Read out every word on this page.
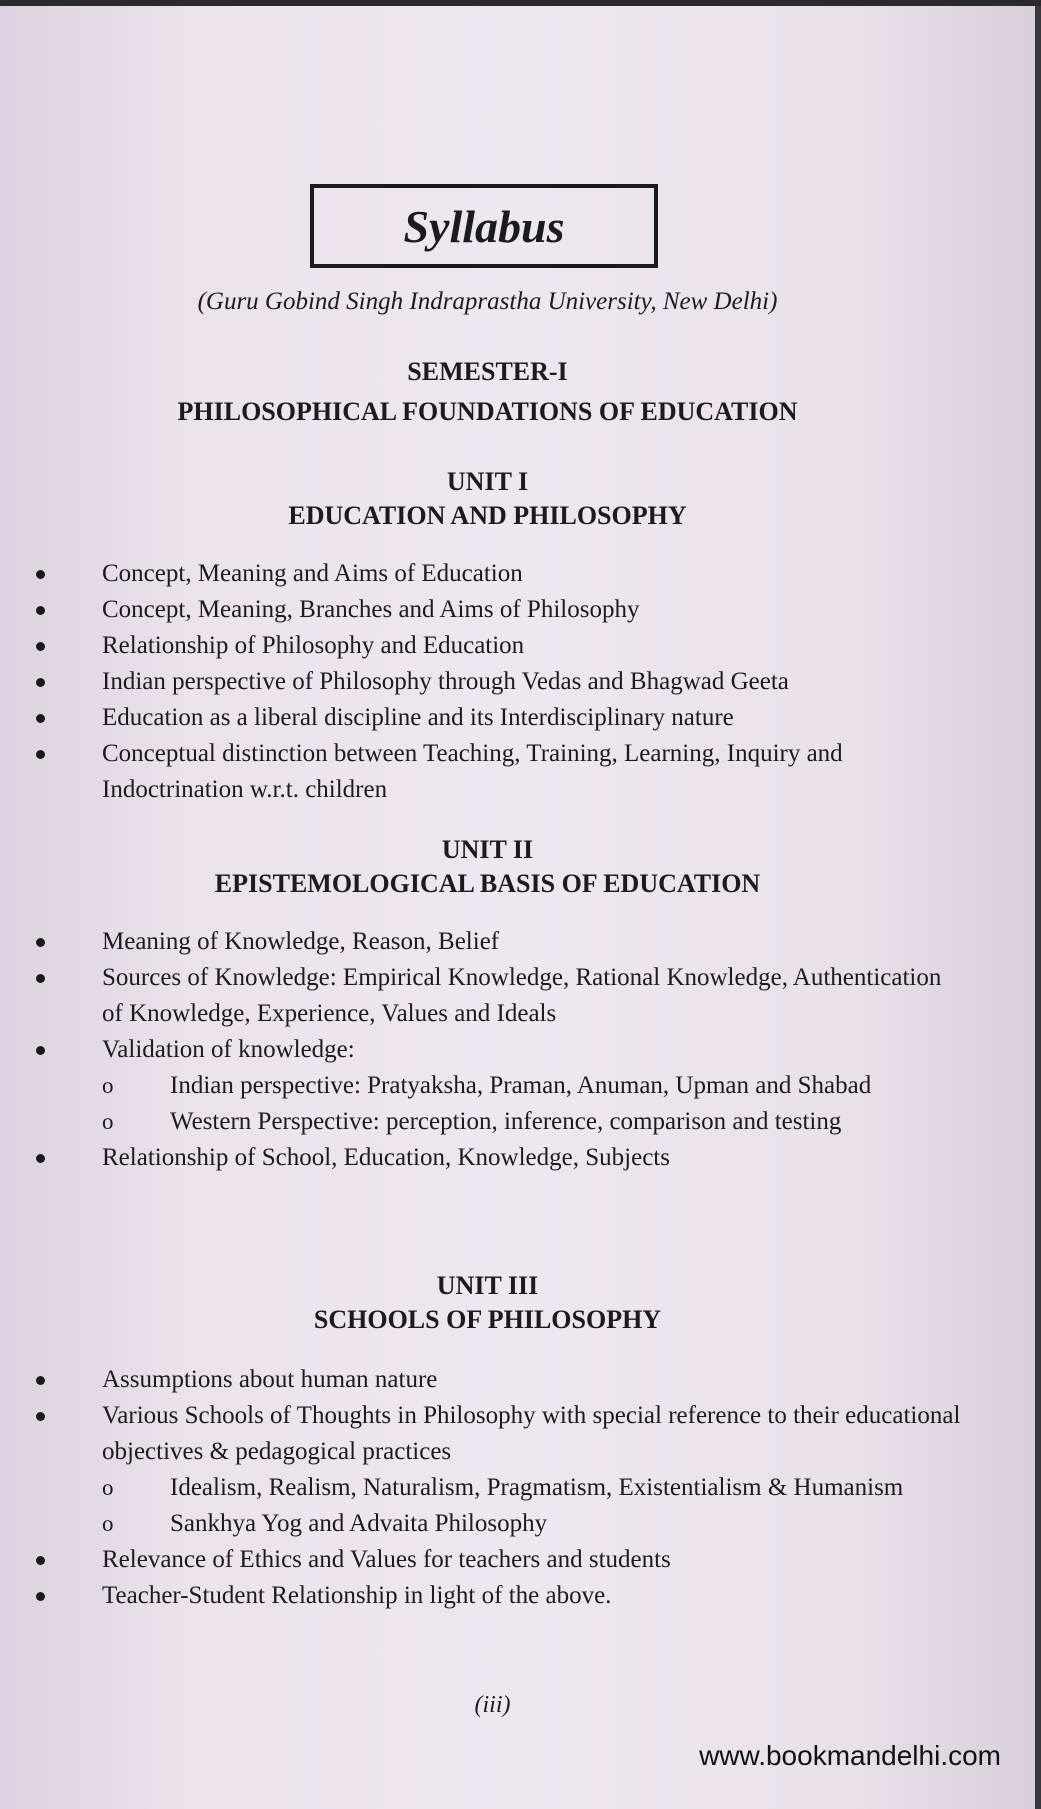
Syllabus
(Guru Gobind Singh Indraprastha University, New Delhi)
SEMESTER-I
PHILOSOPHICAL FOUNDATIONS OF EDUCATION
UNIT I
EDUCATION AND PHILOSOPHY
Concept, Meaning and Aims of Education
Concept, Meaning, Branches and Aims of Philosophy
Relationship of Philosophy and Education
Indian perspective of Philosophy through Vedas and Bhagwad Geeta
Education as a liberal discipline and its Interdisciplinary nature
Conceptual distinction between Teaching, Training, Learning, Inquiry and Indoctrination w.r.t. children
UNIT II
EPISTEMOLOGICAL BASIS OF EDUCATION
Meaning of Knowledge, Reason, Belief
Sources of Knowledge: Empirical Knowledge, Rational Knowledge, Authentication of Knowledge, Experience, Values and Ideals
Validation of knowledge:
o Indian perspective: Pratyaksha, Praman, Anuman, Upman and Shabad
o Western Perspective: perception, inference, comparison and testing
Relationship of School, Education, Knowledge, Subjects
UNIT III
SCHOOLS OF PHILOSOPHY
Assumptions about human nature
Various Schools of Thoughts in Philosophy with special reference to their educational objectives & pedagogical practices
o Idealism, Realism, Naturalism, Pragmatism, Existentialism & Humanism
o Sankhya Yog and Advaita Philosophy
Relevance of Ethics and Values for teachers and students
Teacher-Student Relationship in light of the above.
(iii)
www.bookmandelhi.com
